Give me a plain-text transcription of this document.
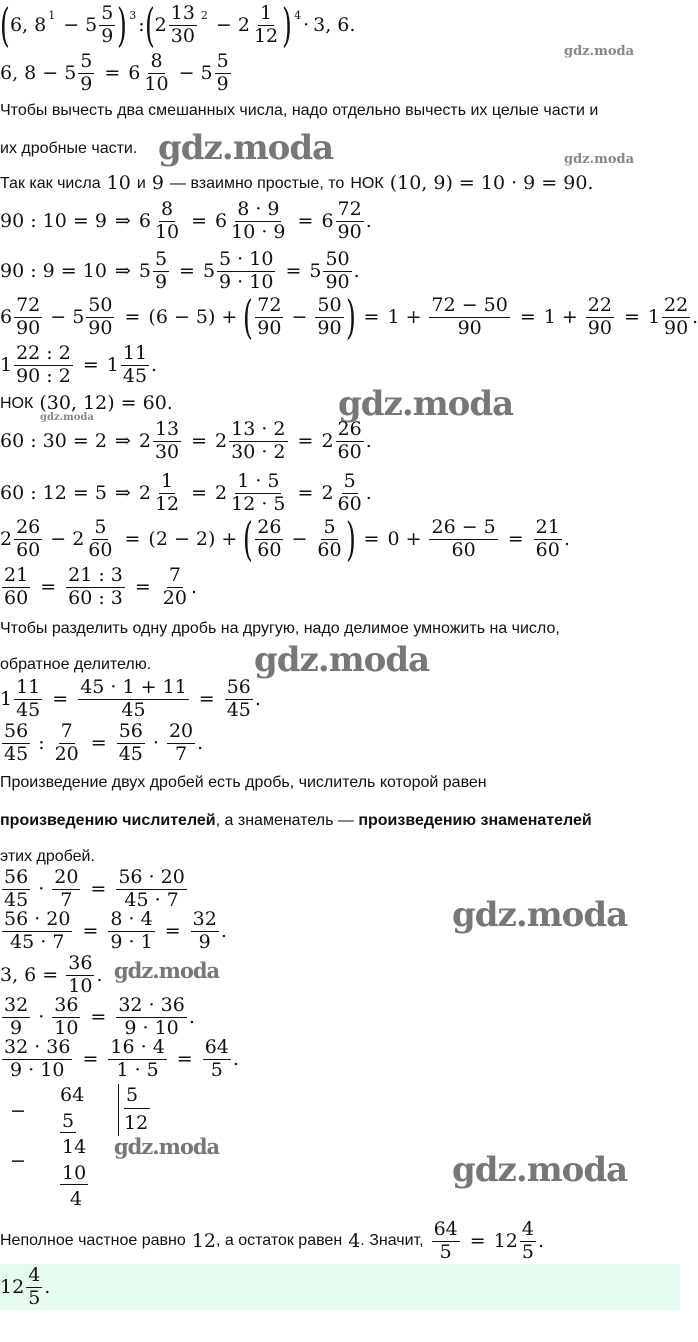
gdz.moda
gdz.moda	gdz.moda
gdz.moda
gdz.moda
gdz.moda
gdz.moda
gdz.moda
gdz.moda
gdz.moda
( 6, 8 $1 - 5 \frac{5}{9}$ ) 3 : ( $2 \frac{13}{30} 2 - 2 \frac{1}{12}$ ) 4 · 3, 6.
6, $8 - 5 \frac{5}{9} = 6 \frac{8}{10} - 5 \frac{5}{9}$
Чтобы вычесть два смешанных числа, надо отдельно вычесть их целые части и
их дробные части.
Так как числа
10
и
9
— взаимно простые, то
НОК
(10, 9) = 10 · 9 = 90.
90 : 10 = 9 ⇒ $6 \frac{8}{10} = 6 \frac{8 \cdot 9}{10 \cdot 9} = 6 \frac{72}{90}$ .
90 : 9 = 10 ⇒ $5 \frac{5}{9} = 5 \frac{5 \cdot 10}{9 \cdot 10} = 5 \frac{50}{90}$ .
$6 \frac{72}{90} - 5 \frac{50}{90} = (6 - 5)$ + ( $\frac{72}{90} - \frac{50}{90}$ ) = $1 + \frac{72 - 50}{90} = 1 + \frac{22}{90} = 1 \frac{22}{90}$ .
$1 \frac{22 : 2}{90 : 2} = 1 \frac{11}{45}$ .
НОК
(30, 12) = 60.
60 : 30 = 2 ⇒ $2 \frac{13}{30} = 2 \frac{13 \cdot 2}{30 \cdot 2} = 2 \frac{26}{60}$ .
60 : 12 = 5 ⇒ $2 \frac{1}{12} = 2 \frac{1 \cdot 5}{12 \cdot 5} = 2 \frac{5}{60}$ .
$2 \frac{26}{60} - 2 \frac{5}{60} = (2 - 2)$ + ( $\frac{26}{60} - \frac{5}{60}$ ) = $0 + \frac{26 - 5}{60} = \frac{21}{60}$ .
$\frac{21}{60} = \frac{21 : 3}{60 : 3} = \frac{7}{20}$ .
Чтобы разделить одну дробь на другую, надо делимое умножить на число,
обратное делителю.
$1 \frac{11}{45} = \frac{45 \cdot 1 + 11}{45} = \frac{56}{45}$ .
$\frac{56}{45}$ : $\frac{7}{20} = \frac{56}{45} \cdot \frac{20}{7}$ .
Произведение двух дробей есть дробь, числитель которой равен
произведению числителей, а знаменатель — произведению знаменателей
этих дробей.
$\frac{56}{45} \cdot \frac{20}{7} = \frac{56 \cdot 20}{45 \cdot 7}$
$\frac{56 \cdot 20}{45 \cdot 7} = \frac{8 \cdot 4}{9 \cdot 1} = \frac{32}{9}$ .
3, 6 =
$\frac{36}{10}$ .
$\frac{32}{9} \cdot \frac{36}{10} = \frac{32 \cdot 36}{9 \cdot 10}$ .
$\frac{32 \cdot 36}{9 \cdot 10} = \frac{16 \cdot 4}{1 \cdot 5} = \frac{64}{5}$ .
−
64
5
14
−
10
4
5
12
Неполное частное равно
12 , а остаток равен
4 . Значит,
$\frac{64}{5} = 12 \frac{4}{5}$ .
$12 \frac{4}{5}$ .
